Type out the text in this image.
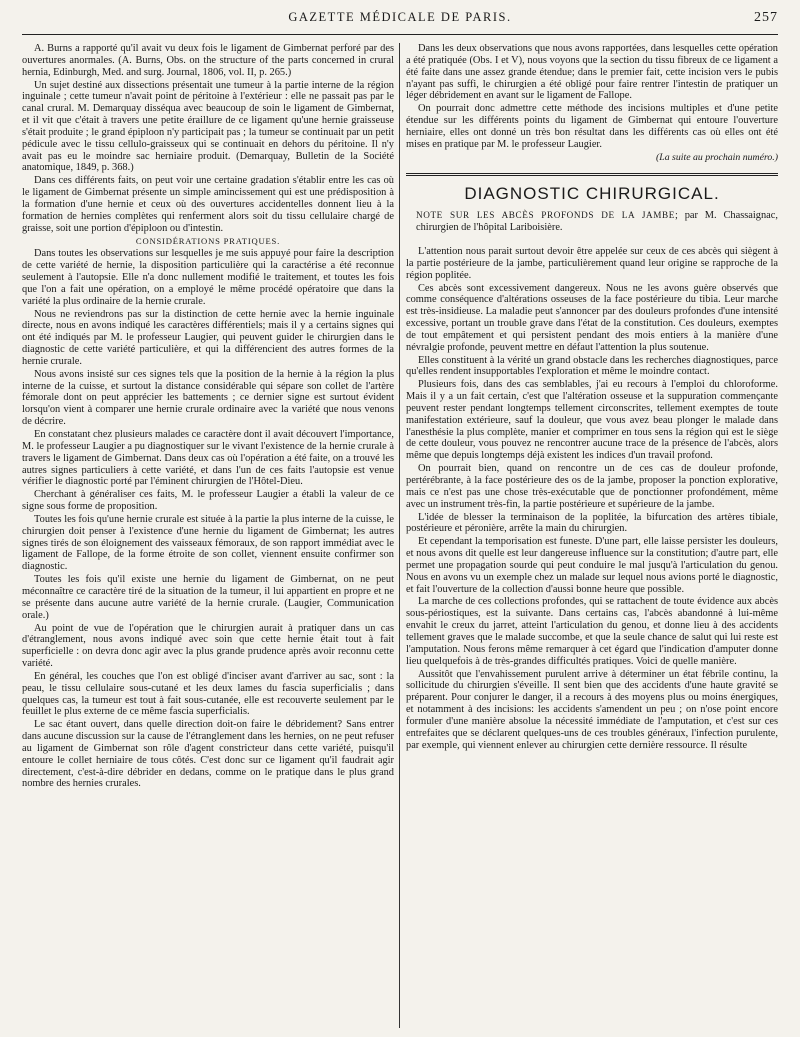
GAZETTE MÉDICALE DE PARIS.	257

A. Burns a rapporté qu'il avait vu deux fois le ligament de Gimbernat perforé par des ouvertures anormales. (A. Burns, Obs. on the structure of the parts concerned in crural hernia, Edinburgh, Med. and surg. Journal, 1806, vol. II, p. 265.)

Un sujet destiné aux dissections présentait une tumeur à la partie interne de la région inguinale ; cette tumeur n'avait point de péritoine à l'extérieur : elle ne passait pas par le canal crural. M. Demarquay disséqua avec beaucoup de soin le ligament de Gimbernat, et il vit que c'était à travers une petite éraillure de ce ligament qu'une hernie graisseuse s'était produite ; le grand épiploon n'y participait pas ; la tumeur se continuait par un petit pédicule avec le tissu cellulo-graisseux qui se continuait en dehors du péritoine. Il n'y avait pas eu le moindre sac herniaire produit. (Demarquay, Bulletin de la Société anatomique, 1849, p. 368.)

Dans ces différents faits, on peut voir une certaine gradation s'établir entre les cas où le ligament de Gimbernat présente un simple amincissement qui est une prédisposition à la formation d'une hernie et ceux où des ouvertures accidentelles donnent lieu à la formation de hernies complètes qui renferment alors soit du tissu cellulaire chargé de graisse, soit une portion d'épiploon ou d'intestin.

CONSIDÉRATIONS PRATIQUES.

Dans toutes les observations sur lesquelles je me suis appuyé pour faire la description de cette variété de hernie, la disposition particulière qui la caractérise a été reconnue seulement à l'autopsie. Elle n'a donc nullement modifié le traitement, et toutes les fois que l'on a fait une opération, on a employé le même procédé opératoire que dans la variété la plus ordinaire de la hernie crurale.

Nous ne reviendrons pas sur la distinction de cette hernie avec la hernie inguinale directe, nous en avons indiqué les caractères différentiels; mais il y a certains signes qui ont été indiqués par M. le professeur Laugier, qui peuvent guider le chirurgien dans le diagnostic de cette variété particulière, et qui la différencient des autres formes de la hernie crurale.

Nous avons insisté sur ces signes tels que la position de la hernie à la région la plus interne de la cuisse, et surtout la distance considérable qui sépare son collet de l'artère fémorale dont on peut apprécier les battements ; ce dernier signe est surtout évident lorsqu'on vient à comparer une hernie crurale ordinaire avec la variété que nous venons de décrire.

En constatant chez plusieurs malades ce caractère dont il avait découvert l'importance, M. le professeur Laugier a pu diagnostiquer sur le vivant l'existence de la hernie crurale à travers le ligament de Gimbernat. Dans deux cas où l'opération a été faite, on a trouvé les autres signes particuliers à cette variété, et dans l'un de ces faits l'autopsie est venue vérifier le diagnostic porté par l'éminent chirurgien de l'Hôtel-Dieu.

Cherchant à généraliser ces faits, M. le professeur Laugier a établi la valeur de ce signe sous forme de proposition.

Toutes les fois qu'une hernie crurale est située à la partie la plus interne de la cuisse, le chirurgien doit penser à l'existence d'une hernie du ligament de Gimbernat; les autres signes tirés de son éloignement des vaisseaux fémoraux, de son rapport immédiat avec le ligament de Fallope, de la forme étroite de son collet, viennent ensuite confirmer son diagnostic.

Toutes les fois qu'il existe une hernie du ligament de Gimbernat, on ne peut méconnaître ce caractère tiré de la situation de la tumeur, il lui appartient en propre et ne se présente dans aucune autre variété de la hernie crurale. (Laugier, Communication orale.)

Au point de vue de l'opération que le chirurgien aurait à pratiquer dans un cas d'étranglement, nous avons indiqué avec soin que cette hernie était tout à fait superficielle : on devra donc agir avec la plus grande prudence après avoir reconnu cette variété.

En général, les couches que l'on est obligé d'inciser avant d'arriver au sac, sont : la peau, le tissu cellulaire sous-cutané et les deux lames du fascia superficialis ; dans quelques cas, la tumeur est tout à fait sous-cutanée, elle est recouverte seulement par le feuillet le plus externe de ce même fascia superficialis.

Le sac étant ouvert, dans quelle direction doit-on faire le débridement? Sans entrer dans aucune discussion sur la cause de l'étranglement dans les hernies, on ne peut refuser au ligament de Gimbernat son rôle d'agent constricteur dans cette variété, puisqu'il entoure le collet herniaire de tous côtés. C'est donc sur ce ligament qu'il faudrait agir directement, c'est-à-dire débrider en dedans, comme on le pratique dans le plus grand nombre des hernies crurales.

Dans les deux observations que nous avons rapportées, dans lesquelles cette opération a été pratiquée (Obs. I et V), nous voyons que la section du tissu fibreux de ce ligament a été faite dans une assez grande étendue; dans le premier fait, cette incision vers le pubis n'ayant pas suffi, le chirurgien a été obligé pour faire rentrer l'intestin de pratiquer un léger débridement en avant sur le ligament de Fallope.

On pourrait donc admettre cette méthode des incisions multiples et d'une petite étendue sur les différents points du ligament de Gimbernat qui entoure l'ouverture herniaire, elles ont donné un très bon résultat dans les différents cas où elles ont été mises en pratique par M. le professeur Laugier.

(La suite au prochain numéro.)

DIAGNOSTIC CHIRURGICAL.

NOTE SUR LES ABCÈS PROFONDS DE LA JAMBE; par M. Chassaignac, chirurgien de l'hôpital Lariboisière.

L'attention nous parait surtout devoir être appelée sur ceux de ces abcès qui siègent à la partie postérieure de la jambe, particulièrement quand leur origine se rapproche de la région poplitée.

Ces abcès sont excessivement dangereux. Nous ne les avons guère observés que comme conséquence d'altérations osseuses de la face postérieure du tibia. Leur marche est très-insidieuse. La maladie peut s'annoncer par des douleurs profondes d'une intensité excessive, portant un trouble grave dans l'état de la constitution. Ces douleurs, exemptes de tout empâtement et qui persistent pendant des mois entiers à la manière d'une névralgie profonde, peuvent mettre en défaut l'attention la plus soutenue.

Elles constituent à la vérité un grand obstacle dans les recherches diagnostiques, parce qu'elles rendent insupportables l'exploration et même le moindre contact.

Plusieurs fois, dans des cas semblables, j'ai eu recours à l'emploi du chloroforme. Mais il y a un fait certain, c'est que l'altération osseuse et la suppuration commençante peuvent rester pendant longtemps tellement circonscrites, tellement exemptes de toute manifestation extérieure, sauf la douleur, que vous avez beau plonger le malade dans l'anesthésie la plus complète, manier et comprimer en tous sens la région qui est le siège de cette douleur, vous pouvez ne rencontrer aucune trace de la présence de l'abcès, alors même que depuis longtemps déjà existent les indices d'un travail profond.

On pourrait bien, quand on rencontre un de ces cas de douleur profonde, pertérébrante, à la face postérieure des os de la jambe, proposer la ponction explorative, mais ce n'est pas une chose très-exécutable que de ponctionner profondément, même avec un instrument très-fin, la partie postérieure et supérieure de la jambe.

L'idée de blesser la terminaison de la poplitée, la bifurcation des artères tibiale, postérieure et péronière, arrête la main du chirurgien.

Et cependant la temporisation est funeste. D'une part, elle laisse persister les douleurs, et nous avons dit quelle est leur dangereuse influence sur la constitution; d'autre part, elle permet une propagation sourde qui peut conduire le mal jusqu'à l'articulation du genou. Nous en avons vu un exemple chez un malade sur lequel nous avions porté le diagnostic, et fait l'ouverture de la collection d'aussi bonne heure que possible.

La marche de ces collections profondes, qui se rattachent de toute évidence aux abcès sous-périostiques, est la suivante. Dans certains cas, l'abcès abandonné à lui-même envahit le creux du jarret, atteint l'articulation du genou, et donne lieu à des accidents tellement graves que le malade succombe, et que la seule chance de salut qui lui reste est l'amputation. Nous ferons même remarquer à cet égard que l'indication d'amputer donne lieu quelquefois à de très-grandes difficultés pratiques. Voici de quelle manière.

Aussitôt que l'envahissement purulent arrive à déterminer un état fébrile continu, la sollicitude du chirurgien s'éveille. Il sent bien que des accidents d'une haute gravité se préparent. Pour conjurer le danger, il a recours à des moyens plus ou moins énergiques, et notamment à des incisions: les accidents s'amendent un peu ; on n'ose point encore formuler d'une manière absolue la nécessité immédiate de l'amputation, et c'est sur ces entrefaites que se déclarent quelques-uns de ces troubles généraux, l'infection purulente, par exemple, qui viennent enlever au chirurgien cette dernière ressource. Il résulte
